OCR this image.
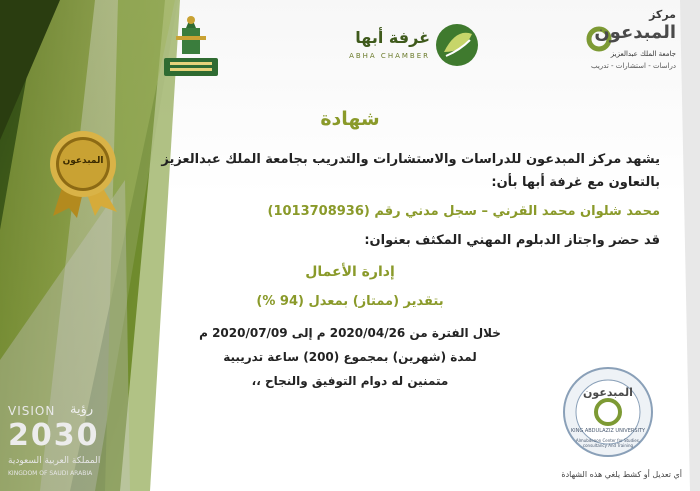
غرفة أبها
ABHA CHAMBER
مركز
المبدعون
جامعة الملك عبدالعزيز
دراسات - استشارات - تدريب
شهادة
يشهد مركز المبدعون للدراسات والاستشارات والتدريب بجامعة الملك عبدالعزيز
بالتعاون مع غرفة أبها بأن:
محمد شلوان محمد القرني – سجل مدني رقم (1013708936)
قد حضر واجتاز الدبلوم المهني المكثف بعنوان:
إدارة الأعمال
بتقدير (ممتاز) بمعدل (94 %)
خلال الفترة من 2020/04/26 م إلى 2020/07/09 م
لمدة (شهرين) بمجموع (200) ساعة تدريبية
متمنين له دوام التوفيق والنجاح ،،
المبدعون
المبدعون
KING ABDULAZIZ UNIVERSITY
Almubdeoon Center for Studies, consultancy And Training
VISION رؤية
2030
المملكة العربية السعودية
KINGDOM OF SAUDI ARABIA	أي تعديل أو كشط يلغي هذه الشهادة
